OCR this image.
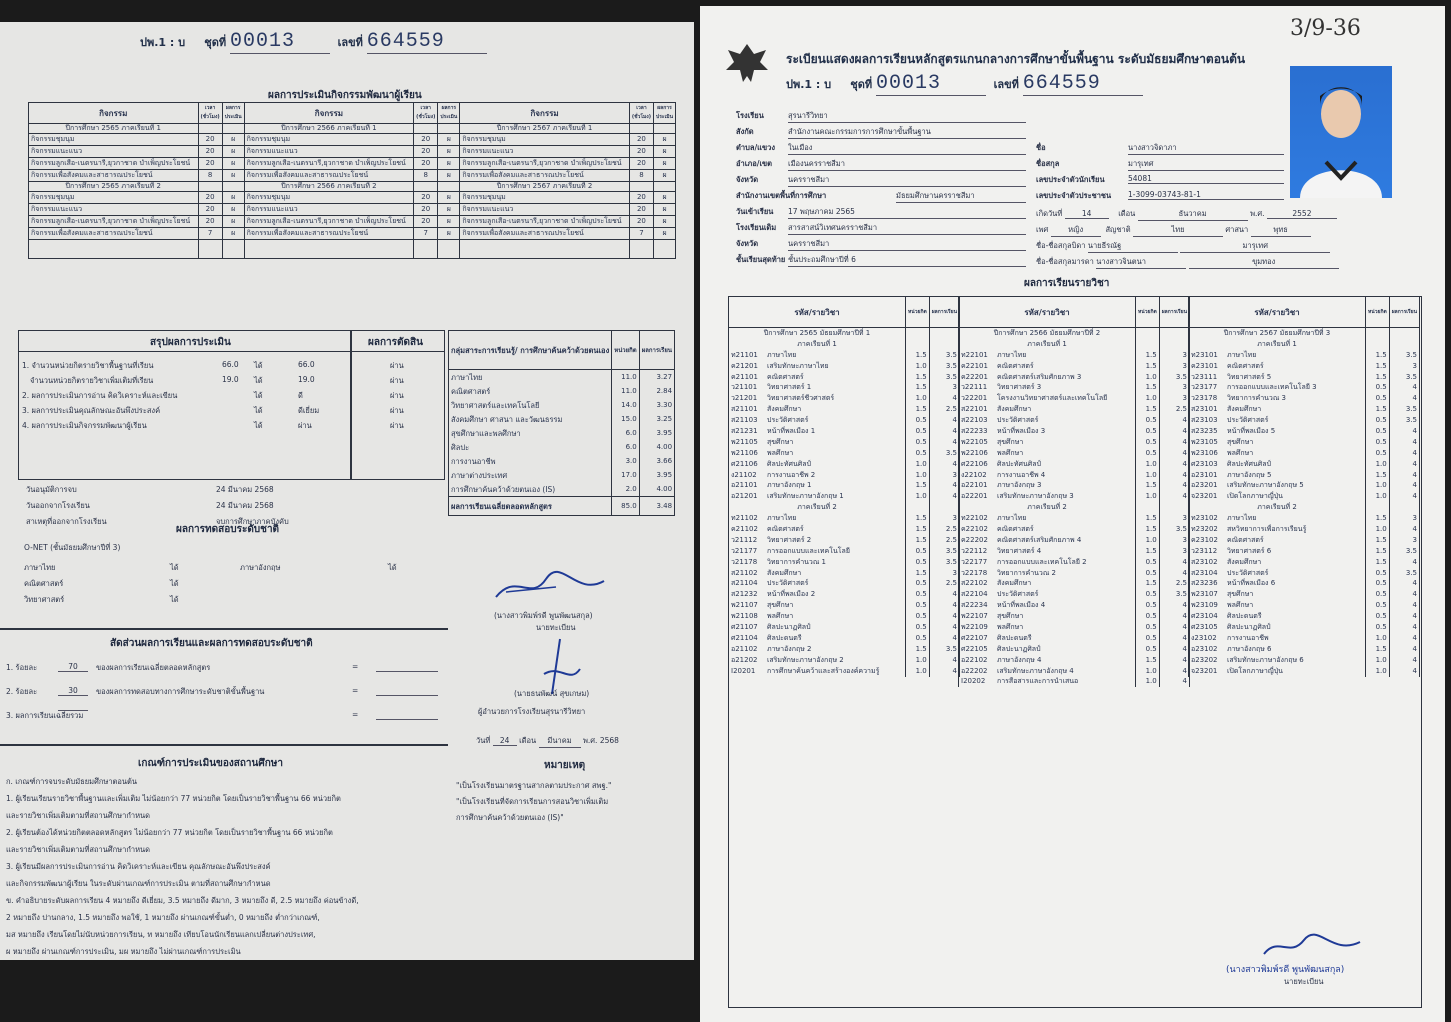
ปพ.1 : บ ชุดที่ 00013	เลขที่ 664559
ผลการประเมินกิจกรรมพัฒนาผู้เรียน
กิจกรรม	เวลา (ชั่วโมง)	ผลการ ประเมิน	กิจกรรม	เวลา (ชั่วโมง)	ผลการ ประเมิน	กิจกรรม	เวลา (ชั่วโมง)	ผลการ ประเมิน
ปีการศึกษา 2565 ภาคเรียนที่ 1			ปีการศึกษา 2566 ภาคเรียนที่ 1			ปีการศึกษา 2567 ภาคเรียนที่ 1		
กิจกรรมชุมนุม	20	ผ	กิจกรรมชุมนุม	20	ผ	กิจกรรมชุมนุม	20	ผ
กิจกรรมแนะแนว	20	ผ	กิจกรรมแนะแนว	20	ผ	กิจกรรมแนะแนว	20	ผ
กิจกรรมลูกเสือ-เนตรนารี,ยุวกาชาด บำเพ็ญประโยชน์	20	ผ	กิจกรรมลูกเสือ-เนตรนารี,ยุวกาชาด บำเพ็ญประโยชน์	20	ผ	กิจกรรมลูกเสือ-เนตรนารี,ยุวกาชาด บำเพ็ญประโยชน์	20	ผ
กิจกรรมเพื่อสังคมและสาธารณประโยชน์	8	ผ	กิจกรรมเพื่อสังคมและสาธารณประโยชน์	8	ผ	กิจกรรมเพื่อสังคมและสาธารณประโยชน์	8	ผ
ปีการศึกษา 2565 ภาคเรียนที่ 2			ปีการศึกษา 2566 ภาคเรียนที่ 2			ปีการศึกษา 2567 ภาคเรียนที่ 2		
กิจกรรมชุมนุม	20	ผ	กิจกรรมชุมนุม	20	ผ	กิจกรรมชุมนุม	20	ผ
กิจกรรมแนะแนว	20	ผ	กิจกรรมแนะแนว	20	ผ	กิจกรรมแนะแนว	20	ผ
กิจกรรมลูกเสือ-เนตรนารี,ยุวกาชาด บำเพ็ญประโยชน์	20	ผ	กิจกรรมลูกเสือ-เนตรนารี,ยุวกาชาด บำเพ็ญประโยชน์	20	ผ	กิจกรรมลูกเสือ-เนตรนารี,ยุวกาชาด บำเพ็ญประโยชน์	20	ผ
กิจกรรมเพื่อสังคมและสาธารณประโยชน์	7	ผ	กิจกรรมเพื่อสังคมและสาธารณประโยชน์	7	ผ	กิจกรรมเพื่อสังคมและสาธารณประโยชน์	7	ผ

สรุปผลการประเมิน	ผลการตัดสิน
1. จำนวนหน่วยกิตรายวิชาพื้นฐานที่เรียน	66.0 ได้	66.0	ผ่าน
จำนวนหน่วยกิตรายวิชาเพิ่มเติมที่เรียน	19.0 ได้	19.0	ผ่าน
2. ผลการประเมินการอ่าน คิดวิเคราะห์และเขียน	ได้	ดี	ผ่าน
3. ผลการประเมินคุณลักษณะอันพึงประสงค์	ได้	ดีเยี่ยม	ผ่าน
4. ผลการประเมินกิจกรรมพัฒนาผู้เรียน	ได้	ผ่าน	ผ่าน
วันอนุมัติการจบ	24 มีนาคม 2568
วันออกจากโรงเรียน	24 มีนาคม 2568
สาเหตุที่ออกจากโรงเรียน	จบการศึกษาภาคบังคับ
กลุ่มสาระการเรียนรู้/ การศึกษาค้นคว้าด้วยตนเอง	หน่วยกิต	ผลการเรียน
ภาษาไทย	11.0	3.27
คณิตศาสตร์	11.0	2.84
วิทยาศาสตร์และเทคโนโลยี	14.0	3.30
สังคมศึกษา ศาสนา และวัฒนธรรม	15.0	3.25
สุขศึกษาและพลศึกษา	6.0	3.95
ศิลปะ	6.0	4.00
การงานอาชีพ	3.0	3.66
ภาษาต่างประเทศ	17.0	3.95
การศึกษาค้นคว้าด้วยตนเอง (IS)	2.0	4.00
ผลการเรียนเฉลี่ยตลอดหลักสูตร	85.0	3.48
ผลการทดสอบระดับชาติ
O-NET (ชั้นมัธยมศึกษาปีที่ 3)
ภาษาไทย	ได้
คณิตศาสตร์	ได้
วิทยาศาสตร์	ได้
ภาษาอังกฤษ	ได้
สัดส่วนผลการเรียนและผลการทดสอบระดับชาติ
1. ร้อยละ	70	ของผลการเรียนเฉลี่ยตลอดหลักสูตร	=
2. ร้อยละ	30	ของผลการทดสอบทางการศึกษาระดับชาติขั้นพื้นฐาน	=
3. ผลการเรียนเฉลี่ยรวม	=
(นางสาวพิมพ์รดี พูนพัฒนสกุล)
นายทะเบียน
(นายธนพัฒน์ สุขเกษม)
ผู้อำนวยการโรงเรียนสุรนารีวิทยา
วันที่ 24 เดือน มีนาคม พ.ศ. 2568
เกณฑ์การประเมินของสถานศึกษา
ก. เกณฑ์การจบระดับมัธยมศึกษาตอนต้น
1. ผู้เรียนเรียนรายวิชาพื้นฐานและเพิ่มเติม ไม่น้อยกว่า 77 หน่วยกิต โดยเป็นรายวิชาพื้นฐาน 66 หน่วยกิต
และรายวิชาเพิ่มเติมตามที่สถานศึกษากำหนด
2. ผู้เรียนต้องได้หน่วยกิตตลอดหลักสูตร ไม่น้อยกว่า 77 หน่วยกิต โดยเป็นรายวิชาพื้นฐาน 66 หน่วยกิต
และรายวิชาเพิ่มเติมตามที่สถานศึกษากำหนด
3. ผู้เรียนมีผลการประเมินการอ่าน คิดวิเคราะห์และเขียน คุณลักษณะอันพึงประสงค์
และกิจกรรมพัฒนาผู้เรียน ในระดับผ่านเกณฑ์การประเมิน ตามที่สถานศึกษากำหนด
ข. คำอธิบายระดับผลการเรียน 4 หมายถึง ดีเยี่ยม, 3.5 หมายถึง ดีมาก, 3 หมายถึง ดี, 2.5 หมายถึง ค่อนข้างดี,
2 หมายถึง ปานกลาง, 1.5 หมายถึง พอใช้, 1 หมายถึง ผ่านเกณฑ์ขั้นต่ำ, 0 หมายถึง ต่ำกว่าเกณฑ์,
มส หมายถึง เรียนโดยไม่นับหน่วยการเรียน, ท หมายถึง เทียบโอนนักเรียนแลกเปลี่ยนต่างประเทศ,
ผ หมายถึง ผ่านเกณฑ์การประเมิน, มผ หมายถึง ไม่ผ่านเกณฑ์การประเมิน
หมายเหตุ
"เป็นโรงเรียนมาตรฐานสากลตามประกาศ สพฐ."
"เป็นโรงเรียนที่จัดการเรียนการสอนวิชาเพิ่มเติม
การศึกษาค้นคว้าด้วยตนเอง (IS)"
3/9-36
ระเบียนแสดงผลการเรียนหลักสูตรแกนกลางการศึกษาขั้นพื้นฐาน ระดับมัธยมศึกษาตอนต้น
ปพ.1 : บ ชุดที่ 00013	เลขที่ 664559
โรงเรียน	สุรนารีวิทยา
สังกัด	สำนักงานคณะกรรมการการศึกษาขั้นพื้นฐาน
ตำบล/แขวง ในเมือง
อำเภอ/เขต เมืองนครราชสีมา
จังหวัด	นครราชสีมา
สำนักงานเขตพื้นที่การศึกษา	มัธยมศึกษานครราชสีมา
วันเข้าเรียน 17 พฤษภาคม 2565
โรงเรียนเดิม สารสาสน์วิเทศนครราชสีมา
จังหวัด	นครราชสีมา
ชั้นเรียนสุดท้าย ชั้นประถมศึกษาปีที่ 6
ชื่อ	นางสาวจิดาภา
ชื่อสกุล	มารุเทศ
เลขประจำตัวนักเรียน	54081
เลขประจำตัวประชาชน 1-3099-03743-81-1
เกิดวันที่	14	เดือน	ธันวาคม	พ.ศ.	2552
เพศ	หญิง	สัญชาติ	ไทย	ศาสนา	พุทธ
ชื่อ-ชื่อสกุลบิดา นายธีรณัฐ	มารุเทศ
ชื่อ-ชื่อสกุลมารดา นางสาวจินตนา	ขุมทอง
ผลการเรียนรายวิชา
รหัส/รายวิชา	หน่วยกิต	ผลการเรียน
ปีการศึกษา 2565 มัธยมศึกษาปีที่ 1		
ภาคเรียนที่ 1		
ท21101 ภาษาไทย	1.5	3.5
ค21201 เสริมทักษะภาษาไทย	1.0	3.5
ค21101 คณิตศาสตร์	1.5	3.5
ว21101 วิทยาศาสตร์ 1	1.5	3
ว21201 วิทยาศาสตร์ชีวศาสตร์	1.0	4
ส21101 สังคมศึกษา	1.5	2.5
ส21103 ประวัติศาสตร์	0.5	4
ส21231 หน้าที่พลเมือง 1	0.5	4
พ21105 สุขศึกษา	0.5	4
พ21106 พลศึกษา	0.5	3.5
ศ21106 ศิลปะทัศนศิลป์	1.0	4
ง21102 การงานอาชีพ 2	1.0	3
อ21101 ภาษาอังกฤษ 1	1.5	4
อ21201 เสริมทักษะภาษาอังกฤษ 1	1.0	4
ภาคเรียนที่ 2		
ท21102 ภาษาไทย	1.5	3
ค21102 คณิตศาสตร์	1.5	2.5
ว21112 วิทยาศาสตร์ 2	1.5	2.5
ว21177 การออกแบบและเทคโนโลยี	0.5	3.5
ว21178 วิทยาการคำนวณ 1	0.5	3.5
ส21102 สังคมศึกษา	1.5	3
ส21104 ประวัติศาสตร์	0.5	2.5
ส21232 หน้าที่พลเมือง 2	0.5	4
พ21107 สุขศึกษา	0.5	4
พ21108 พลศึกษา	0.5	4
ศ21107 ศิลปะนาฏศิลป์	0.5	4
ศ21104 ศิลปะดนตรี	0.5	4
อ21102 ภาษาอังกฤษ 2	1.5	3.5
อ21202 เสริมทักษะภาษาอังกฤษ 2	1.0	4
I20201 การศึกษาค้นคว้าและสร้างองค์ความรู้	1.0	4
รหัส/รายวิชา	หน่วยกิต	ผลการเรียน
ปีการศึกษา 2566 มัธยมศึกษาปีที่ 2		
ภาคเรียนที่ 1		
ท22101 ภาษาไทย	1.5	3
ค22101 คณิตศาสตร์	1.5	3
ค22201 คณิตศาสตร์เสริมศักยภาพ 3	1.0	3.5
ว22111 วิทยาศาสตร์ 3	1.5	3
ว22201 โครงงานวิทยาศาสตร์และเทคโนโลยี	1.0	3
ส22101 สังคมศึกษา	1.5	2.5
ส22103 ประวัติศาสตร์	0.5	4
ส22233 หน้าที่พลเมือง 3	0.5	4
พ22105 สุขศึกษา	0.5	4
พ22106 พลศึกษา	0.5	4
ศ22106 ศิลปะทัศนศิลป์	1.0	4
ง22102 การงานอาชีพ 4	1.0	4
อ22101 ภาษาอังกฤษ 3	1.5	4
อ22201 เสริมทักษะภาษาอังกฤษ 3	1.0	4
ภาคเรียนที่ 2		
ท22102 ภาษาไทย	1.5	3
ค22102 คณิตศาสตร์	1.5	3.5
ค22202 คณิตศาสตร์เสริมศักยภาพ 4	1.0	3
ว22112 วิทยาศาสตร์ 4	1.5	3
ว22177 การออกแบบและเทคโนโลยี 2	0.5	4
ว22178 วิทยาการคำนวณ 2	0.5	4
ส22102 สังคมศึกษา	1.5	2.5
ส22104 ประวัติศาสตร์	0.5	3.5
ส22234 หน้าที่พลเมือง 4	0.5	4
พ22107 สุขศึกษา	0.5	4
พ22109 พลศึกษา	0.5	4
ศ22107 ศิลปะดนตรี	0.5	4
ศ22105 ศิลปะนาฏศิลป์	0.5	4
อ22102 ภาษาอังกฤษ 4	1.5	4
อ22202 เสริมทักษะภาษาอังกฤษ 4	1.0	4
I20202 การสื่อสารและการนำเสนอ	1.0	4
รหัส/รายวิชา	หน่วยกิต	ผลการเรียน
ปีการศึกษา 2567 มัธยมศึกษาปีที่ 3		
ภาคเรียนที่ 1		
ท23101 ภาษาไทย	1.5	3.5
ค23101 คณิตศาสตร์	1.5	3
ว23111 วิทยาศาสตร์ 5	1.5	3.5
ว23177 การออกแบบและเทคโนโลยี 3	0.5	4
ว23178 วิทยาการคำนวณ 3	0.5	4
ส23101 สังคมศึกษา	1.5	3.5
ส23103 ประวัติศาสตร์	0.5	3.5
ส23235 หน้าที่พลเมือง 5	0.5	4
พ23105 สุขศึกษา	0.5	4
พ23106 พลศึกษา	0.5	4
ศ23103 ศิลปะทัศนศิลป์	1.0	4
อ23101 ภาษาอังกฤษ 5	1.5	4
อ23201 เสริมทักษะภาษาอังกฤษ 5	1.0	4
จ23201 เปิดโลกภาษาญี่ปุ่น	1.0	4
ภาคเรียนที่ 2		
ท23102 ภาษาไทย	1.5	3
ท23202 สหวิทยาการเพื่อการเรียนรู้	1.0	4
ค23102 คณิตศาสตร์	1.5	3
ว23112 วิทยาศาสตร์ 6	1.5	3.5
ส23102 สังคมศึกษา	1.5	4
ส23104 ประวัติศาสตร์	0.5	3.5
ส23236 หน้าที่พลเมือง 6	0.5	4
พ23107 สุขศึกษา	0.5	4
พ23109 พลศึกษา	0.5	4
ศ23104 ศิลปะดนตรี	0.5	4
ศ23105 ศิลปะนาฏศิลป์	0.5	4
ง23102 การงานอาชีพ	1.0	4
อ23102 ภาษาอังกฤษ 6	1.5	4
อ23202 เสริมทักษะภาษาอังกฤษ 6	1.0	4
จ23201 เปิดโลกภาษาญี่ปุ่น	1.0	4
(นางสาวพิมพ์รดี พูนพัฒนสกุล)
นายทะเบียน
